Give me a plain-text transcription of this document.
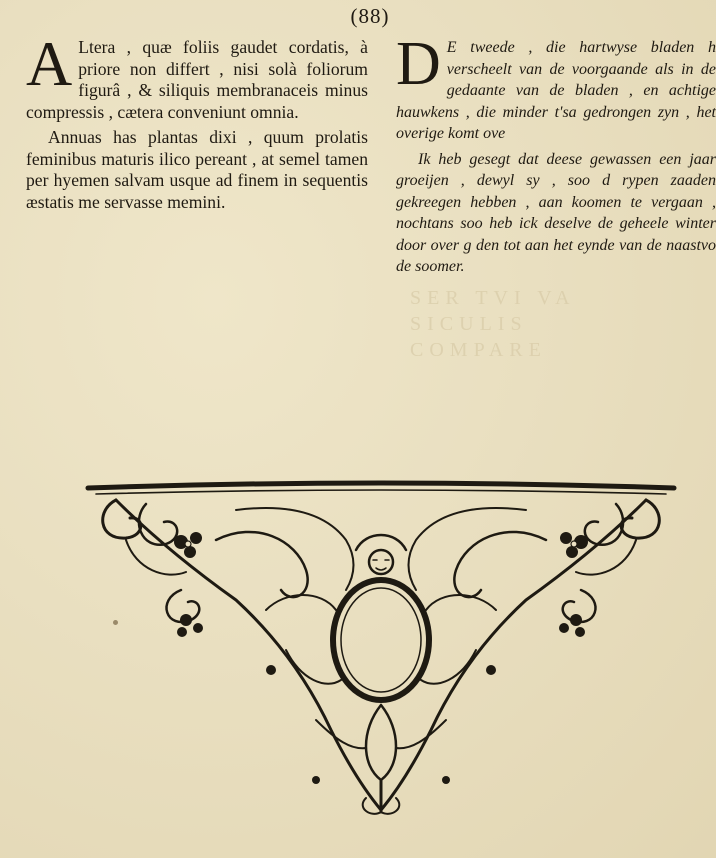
(88)
SER TVI VA
SICULIS COMPARE

A Ltera , quæ foliis gaudet cordatis, à priore non differt , nisi solà foliorum figurâ , & siliquis membranaceis minus compressis , cætera conveniunt omnia.

Annuas has plantas dixi , quum prolatis feminibus maturis ilico pereant , at semel tamen per hyemen salvam usque ad finem in sequentis æstatis me servasse memini.

D E tweede , die hartwyse bladen h verscheelt van de voorgaande als in de gedaante van de bladen , en achtige hauwkens , die minder t'sa gedrongen zyn , het overige komt ove

Ik heb gesegt dat deese gewassen een jaar groeijen , dewyl sy , soo d rypen zaaden gekreegen hebben , aan koomen te vergaan , nochtans soo heb ick deselve de geheele winter door over g den tot aan het eynde van de naastvo de soomer.
